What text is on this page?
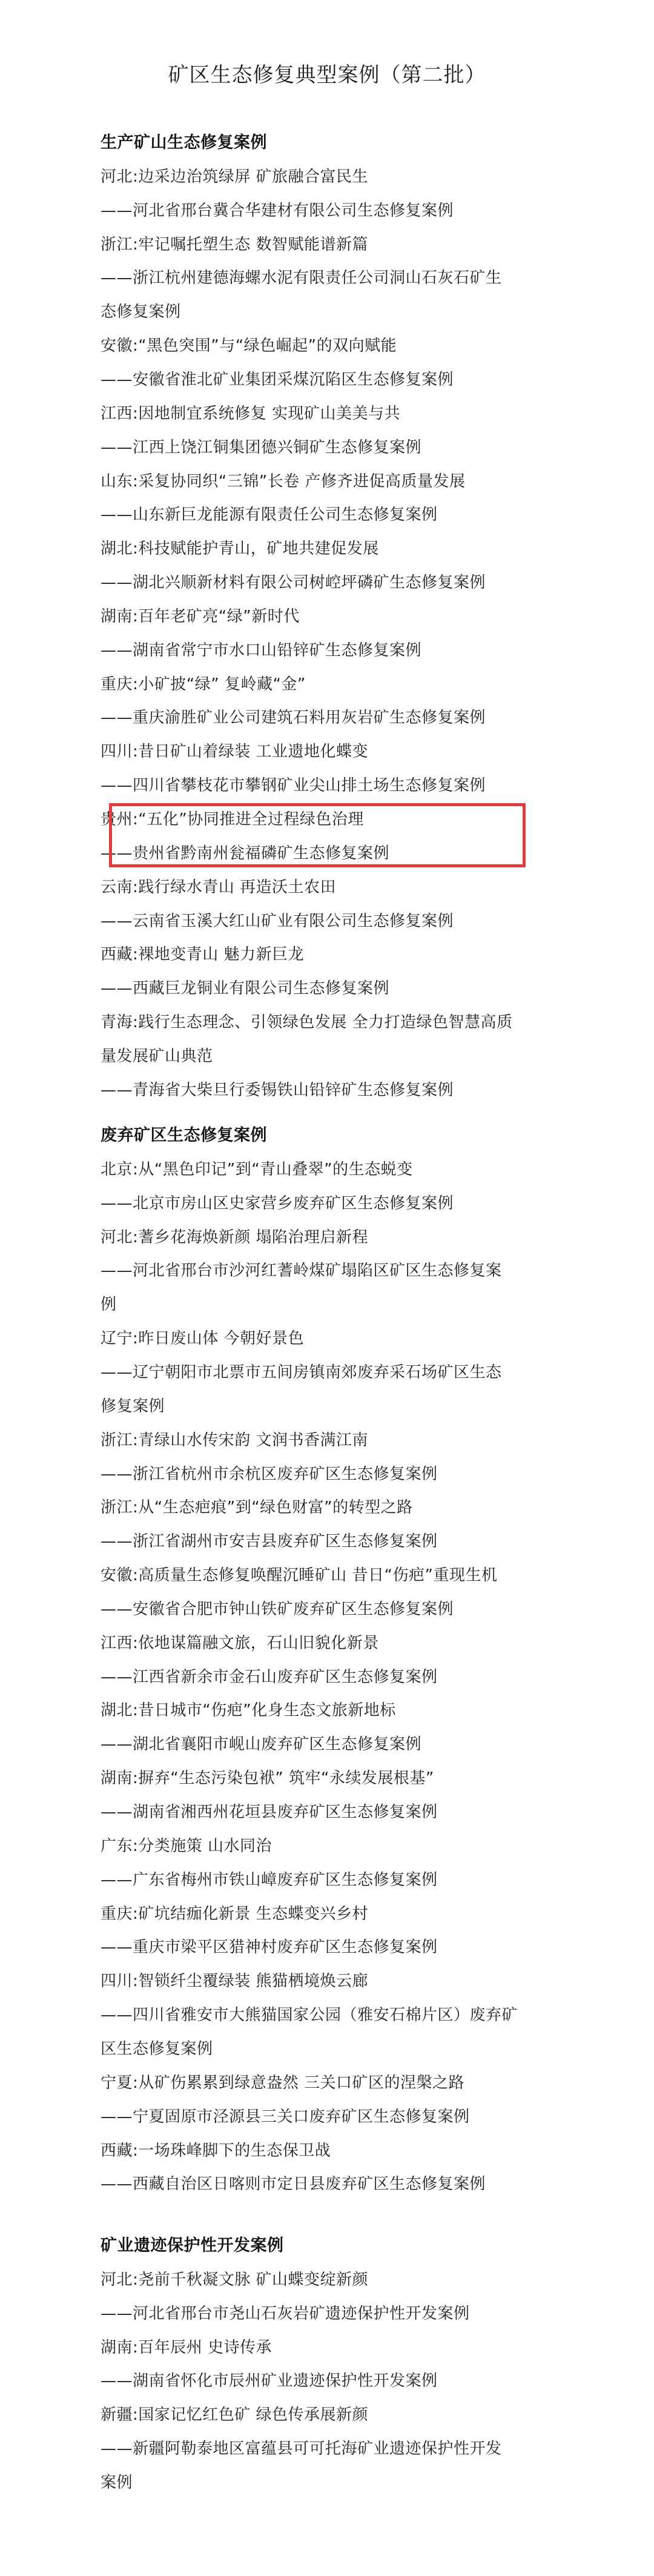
矿区生态修复典型案例（第二批）
生产矿山生态修复案例
河北:边采边治筑绿屏 矿旅融合富民生
——河北省邢台冀合华建材有限公司生态修复案例
浙江:牢记嘱托塑生态 数智赋能谱新篇
——浙江杭州建德海螺水泥有限责任公司洞山石灰石矿生
态修复案例
安徽:“黑色突围”与“绿色崛起”的双向赋能
——安徽省淮北矿业集团采煤沉陷区生态修复案例
江西:因地制宜系统修复 实现矿山美美与共
——江西上饶江铜集团德兴铜矿生态修复案例
山东:采复协同织“三锦”长卷 产修齐进促高质量发展
——山东新巨龙能源有限责任公司生态修复案例
湖北:科技赋能护青山，矿地共建促发展
——湖北兴顺新材料有限公司树崆坪磷矿生态修复案例
湖南:百年老矿亮“绿”新时代
——湖南省常宁市水口山铅锌矿生态修复案例
重庆:小矿披“绿” 复岭藏“金”
——重庆渝胜矿业公司建筑石料用灰岩矿生态修复案例
四川:昔日矿山着绿装 工业遗地化蝶变
——四川省攀枝花市攀钢矿业尖山排土场生态修复案例
贵州:“五化”协同推进全过程绿色治理
——贵州省黔南州瓮福磷矿生态修复案例
云南:践行绿水青山 再造沃土农田
——云南省玉溪大红山矿业有限公司生态修复案例
西藏:裸地变青山 魅力新巨龙
——西藏巨龙铜业有限公司生态修复案例
青海:践行生态理念、引领绿色发展 全力打造绿色智慧高质
量发展矿山典范
——青海省大柴旦行委锡铁山铅锌矿生态修复案例
废弃矿区生态修复案例
北京:从“黑色印记”到“青山叠翠”的生态蜕变
——北京市房山区史家营乡废弃矿区生态修复案例
河北:蓍乡花海焕新颜 塌陷治理启新程
——河北省邢台市沙河红蓍岭煤矿塌陷区矿区生态修复案
例
辽宁:昨日废山体 今朝好景色
——辽宁朝阳市北票市五间房镇南郊废弃采石场矿区生态
修复案例
浙江:青绿山水传宋韵 文润书香满江南
——浙江省杭州市余杭区废弃矿区生态修复案例
浙江:从“生态疤痕”到“绿色财富”的转型之路
——浙江省湖州市安吉县废弃矿区生态修复案例
安徽:高质量生态修复唤醒沉睡矿山 昔日“伤疤”重现生机
——安徽省合肥市钟山铁矿废弃矿区生态修复案例
江西:依地谋篇融文旅，石山旧貌化新景
——江西省新余市金石山废弃矿区生态修复案例
湖北:昔日城市“伤疤”化身生态文旅新地标
——湖北省襄阳市岘山废弃矿区生态修复案例
湖南:摒弃“生态污染包袱” 筑牢“永续发展根基”
——湖南省湘西州花垣县废弃矿区生态修复案例
广东:分类施策 山水同治
——广东省梅州市铁山嶂废弃矿区生态修复案例
重庆:矿坑结痂化新景 生态蝶变兴乡村
——重庆市梁平区猎神村废弃矿区生态修复案例
四川:智锁纤尘覆绿装 熊猫栖境焕云廊
——四川省雅安市大熊猫国家公园（雅安石棉片区）废弃矿
区生态修复案例
宁夏:从矿伤累累到绿意盎然 三关口矿区的涅槃之路
——宁夏固原市泾源县三关口废弃矿区生态修复案例
西藏:一场珠峰脚下的生态保卫战
——西藏自治区日喀则市定日县废弃矿区生态修复案例
矿业遗迹保护性开发案例
河北:尧前千秋凝文脉 矿山蝶变绽新颜
——河北省邢台市尧山石灰岩矿遗迹保护性开发案例
湖南:百年辰州 史诗传承
——湖南省怀化市辰州矿业遗迹保护性开发案例
新疆:国家记忆红色矿 绿色传承展新颜
——新疆阿勒泰地区富蕴县可可托海矿业遗迹保护性开发
案例
